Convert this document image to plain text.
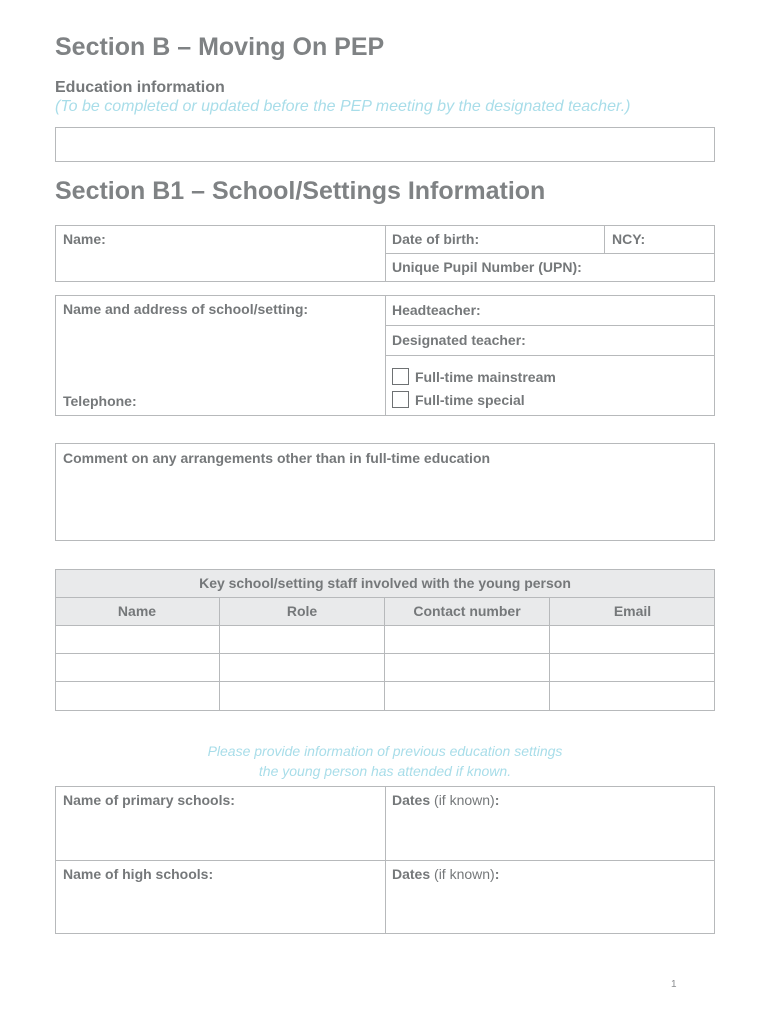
Section B – Moving On PEP
Education information
(To be completed or updated before the PEP meeting by the designated teacher.)
Section B1 – School/Settings Information
Name:	Date of birth:	NCY:
Unique Pupil Number (UPN):
Name and address of school/setting:
Telephone:
Headteacher:
Designated teacher:
Full-time mainstream
Full-time special
Comment on any arrangements other than in full-time education
Key school/setting staff involved with the young person
Name	Role	Contact number	Email
Please provide information of previous education settings
the young person has attended if known.
Name of primary schools:	Dates (if known):
Name of high schools:	Dates (if known):
1
